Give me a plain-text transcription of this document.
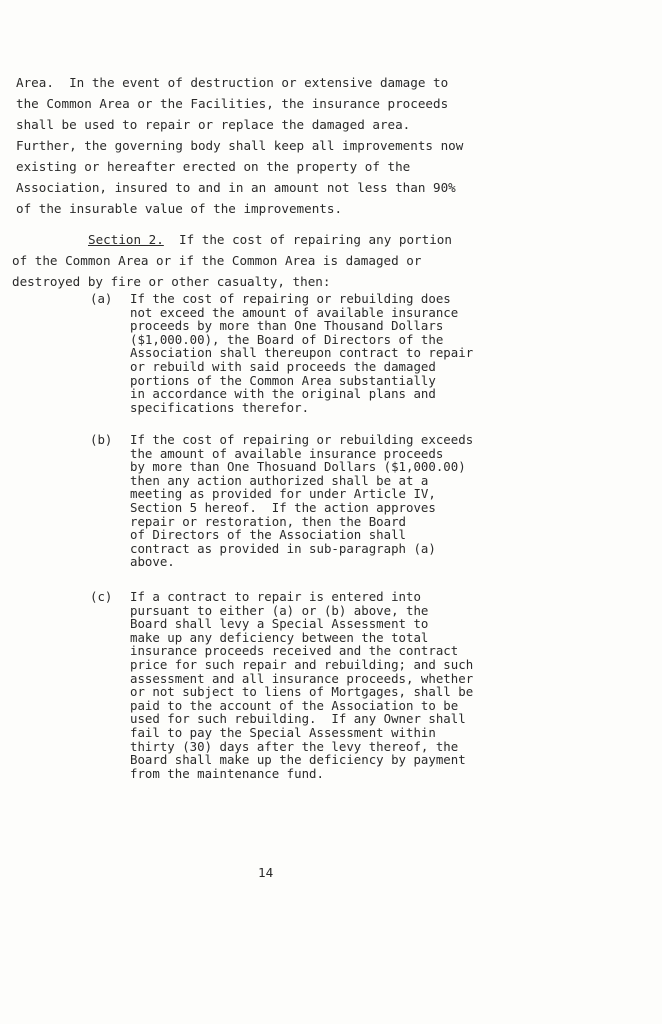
Area.  In the event of destruction or extensive damage to
the Common Area or the Facilities, the insurance proceeds
shall be used to repair or replace the damaged area.
Further, the governing body shall keep all improvements now
existing or hereafter erected on the property of the
Association, insured to and in an amount not less than 90%
of the insurable value of the improvements.

Section 2.  If the cost of repairing any portion
of the Common Area or if the Common Area is damaged or
destroyed by fire or other casualty, then:

(a) If the cost of repairing or rebuilding does
not exceed the amount of available insurance
proceeds by more than One Thousand Dollars
($1,000.00), the Board of Directors of the
Association shall thereupon contract to repair
or rebuild with said proceeds the damaged
portions of the Common Area substantially
in accordance with the original plans and
specifications therefor.

(b) If the cost of repairing or rebuilding exceeds
the amount of available insurance proceeds
by more than One Thosuand Dollars ($1,000.00)
then any action authorized shall be at a
meeting as provided for under Article IV,
Section 5 hereof.  If the action approves
repair or restoration, then the Board
of Directors of the Association shall
contract as provided in sub-paragraph (a)
above.

(c) If a contract to repair is entered into
pursuant to either (a) or (b) above, the
Board shall levy a Special Assessment to
make up any deficiency between the total
insurance proceeds received and the contract
price for such repair and rebuilding; and such
assessment and all insurance proceeds, whether
or not subject to liens of Mortgages, shall be
paid to the account of the Association to be
used for such rebuilding.  If any Owner shall
fail to pay the Special Assessment within
thirty (30) days after the levy thereof, the
Board shall make up the deficiency by payment
from the maintenance fund.

14
